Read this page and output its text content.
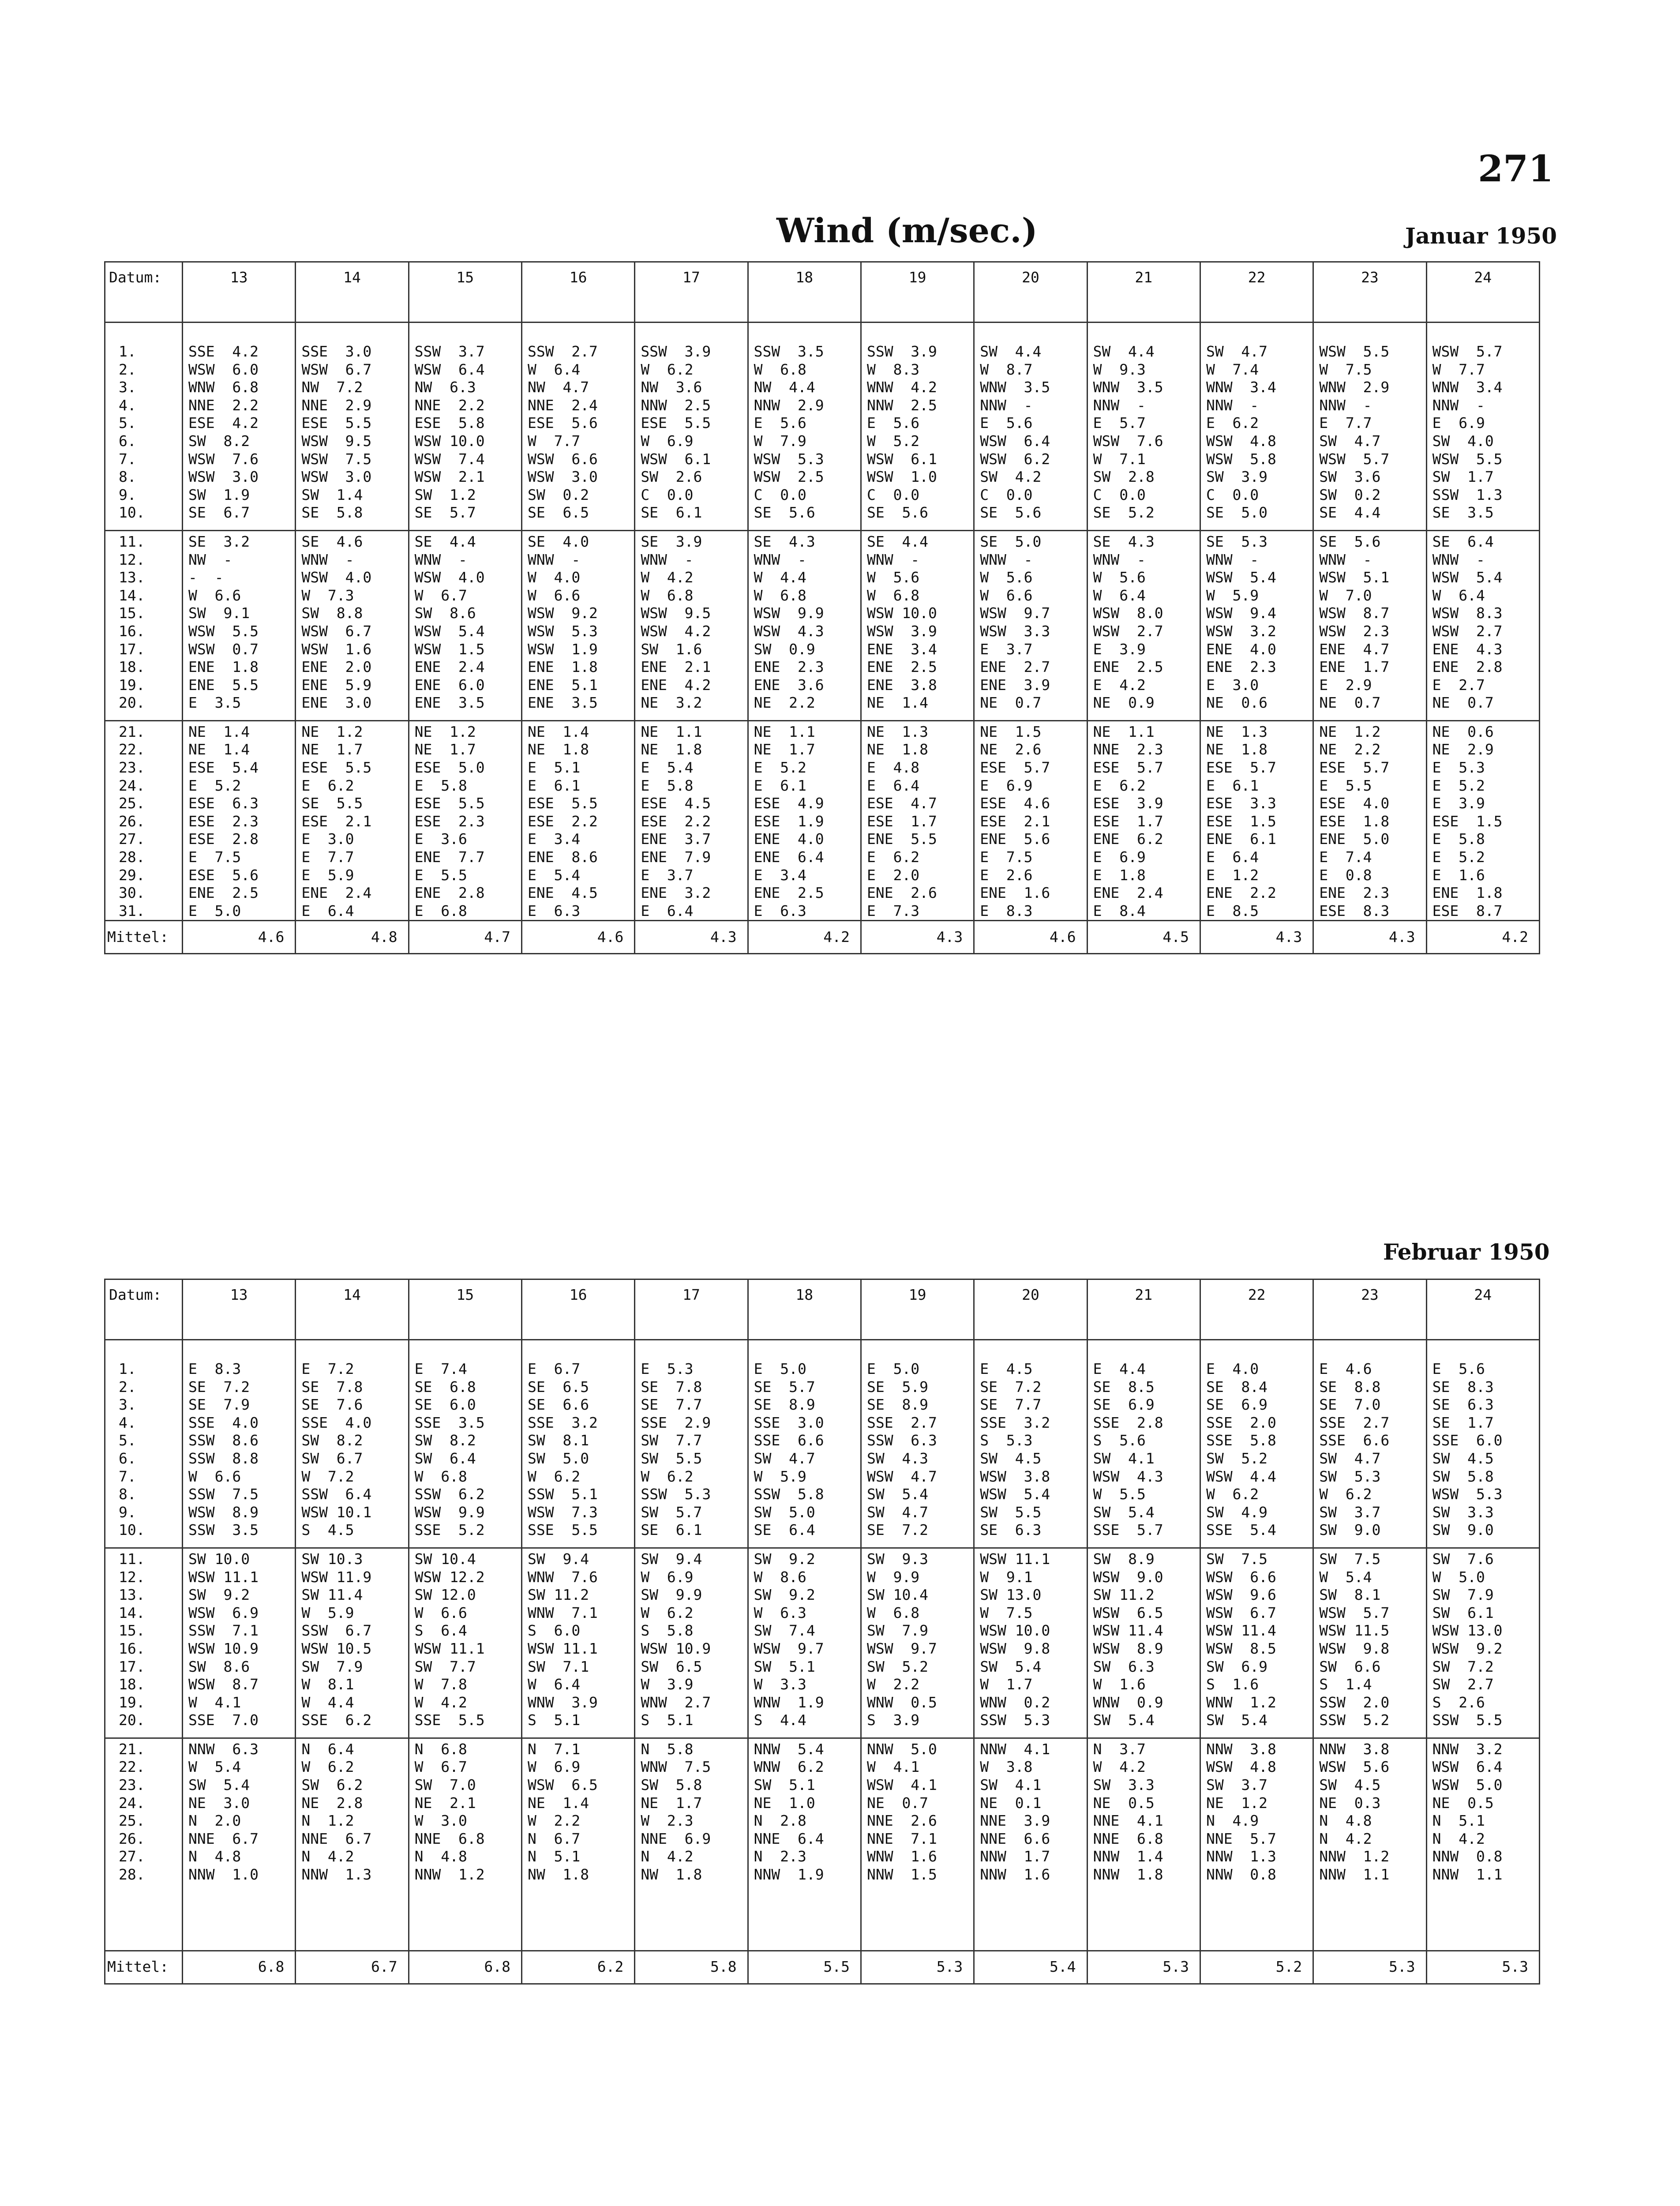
271
Wind (m/sec.)	Januar 1950
Februar 1950
Datum:	13	14	15	16	17	18	19	20	21	22	23	24

1.	SSE  4.2	SSE  3.0	SSW  3.7	SSW  2.7	SSW  3.9	SSW  3.5	SSW  3.9	SW  4.4	SW  4.4	SW  4.7	WSW  5.5	WSW  5.7
2.	WSW  6.0	WSW  6.7	WSW  6.4	W  6.4	W  6.2	W  6.8	W  8.3	W  8.7	W  9.3	W  7.4	W  7.5	W  7.7
3.	WNW  6.8	NW  7.2	NW  6.3	NW  4.7	NW  3.6	NW  4.4	WNW  4.2	WNW  3.5	WNW  3.5	WNW  3.4	WNW  2.9	WNW  3.4
4.	NNE  2.2	NNE  2.9	NNE  2.2	NNE  2.4	NNW  2.5	NNW  2.9	NNW  2.5	NNW  -	NNW  -	NNW  -	NNW  -	NNW  -
5.	ESE  4.2	ESE  5.5	ESE  5.8	ESE  5.6	ESE  5.5	E  5.6	E  5.6	E  5.6	E  5.7	E  6.2	E  7.7	E  6.9
6.	SW  8.2	WSW  9.5	WSW 10.0	W  7.7	W  6.9	W  7.9	W  5.2	WSW  6.4	WSW  7.6	WSW  4.8	SW  4.7	SW  4.0
7.	WSW  7.6	WSW  7.5	WSW  7.4	WSW  6.6	WSW  6.1	WSW  5.3	WSW  6.1	WSW  6.2	W  7.1	WSW  5.8	WSW  5.7	WSW  5.5
8.	WSW  3.0	WSW  3.0	WSW  2.1	WSW  3.0	SW  2.6	WSW  2.5	WSW  1.0	SW  4.2	SW  2.8	SW  3.9	SW  3.6	SW  1.7
9.	SW  1.9	SW  1.4	SW  1.2	SW  0.2	C  0.0	C  0.0	C  0.0	C  0.0	C  0.0	C  0.0	SW  0.2	SSW  1.3
10.	SE  6.7	SE  5.8	SE  5.7	SE  6.5	SE  6.1	SE  5.6	SE  5.6	SE  5.6	SE  5.2	SE  5.0	SE  4.4	SE  3.5

11.	SE  3.2	SE  4.6	SE  4.4	SE  4.0	SE  3.9	SE  4.3	SE  4.4	SE  5.0	SE  4.3	SE  5.3	SE  5.6	SE  6.4
12.	NW  -	WNW  -	WNW  -	WNW  -	WNW  -	WNW  -	WNW  -	WNW  -	WNW  -	WNW  -	WNW  -	WNW  -
13.	-  -	WSW  4.0	WSW  4.0	W  4.0	W  4.2	W  4.4	W  5.6	W  5.6	W  5.6	WSW  5.4	WSW  5.1	WSW  5.4
14.	W  6.6	W  7.3	W  6.7	W  6.6	W  6.8	W  6.8	W  6.8	W  6.6	W  6.4	W  5.9	W  7.0	W  6.4
15.	SW  9.1	SW  8.8	SW  8.6	WSW  9.2	WSW  9.5	WSW  9.9	WSW 10.0	WSW  9.7	WSW  8.0	WSW  9.4	WSW  8.7	WSW  8.3
16.	WSW  5.5	WSW  6.7	WSW  5.4	WSW  5.3	WSW  4.2	WSW  4.3	WSW  3.9	WSW  3.3	WSW  2.7	WSW  3.2	WSW  2.3	WSW  2.7
17.	WSW  0.7	WSW  1.6	WSW  1.5	WSW  1.9	SW  1.6	SW  0.9	ENE  3.4	E  3.7	E  3.9	ENE  4.0	ENE  4.7	ENE  4.3
18.	ENE  1.8	ENE  2.0	ENE  2.4	ENE  1.8	ENE  2.1	ENE  2.3	ENE  2.5	ENE  2.7	ENE  2.5	ENE  2.3	ENE  1.7	ENE  2.8
19.	ENE  5.5	ENE  5.9	ENE  6.0	ENE  5.1	ENE  4.2	ENE  3.6	ENE  3.8	ENE  3.9	E  4.2	E  3.0	E  2.9	E  2.7
20.	E  3.5	ENE  3.0	ENE  3.5	ENE  3.5	NE  3.2	NE  2.2	NE  1.4	NE  0.7	NE  0.9	NE  0.6	NE  0.7	NE  0.7

21.	NE  1.4	NE  1.2	NE  1.2	NE  1.4	NE  1.1	NE  1.1	NE  1.3	NE  1.5	NE  1.1	NE  1.3	NE  1.2	NE  0.6
22.	NE  1.4	NE  1.7	NE  1.7	NE  1.8	NE  1.8	NE  1.7	NE  1.8	NE  2.6	NNE  2.3	NE  1.8	NE  2.2	NE  2.9
23.	ESE  5.4	ESE  5.5	ESE  5.0	E  5.1	E  5.4	E  5.2	E  4.8	ESE  5.7	ESE  5.7	ESE  5.7	ESE  5.7	E  5.3
24.	E  5.2	E  6.2	E  5.8	E  6.1	E  5.8	E  6.1	E  6.4	E  6.9	E  6.2	E  6.1	E  5.5	E  5.2
25.	ESE  6.3	SE  5.5	ESE  5.5	ESE  5.5	ESE  4.5	ESE  4.9	ESE  4.7	ESE  4.6	ESE  3.9	ESE  3.3	ESE  4.0	E  3.9
26.	ESE  2.3	ESE  2.1	ESE  2.3	ESE  2.2	ESE  2.2	ESE  1.9	ESE  1.7	ESE  2.1	ESE  1.7	ESE  1.5	ESE  1.8	ESE  1.5
27.	ESE  2.8	E  3.0	E  3.6	E  3.4	ENE  3.7	ENE  4.0	ENE  5.5	ENE  5.6	ENE  6.2	ENE  6.1	ENE  5.0	E  5.8
28.	E  7.5	E  7.7	ENE  7.7	ENE  8.6	ENE  7.9	ENE  6.4	E  6.2	E  7.5	E  6.9	E  6.4	E  7.4	E  5.2
29.	ESE  5.6	E  5.9	E  5.5	E  5.4	E  3.7	E  3.4	E  2.0	E  2.6	E  1.8	E  1.2	E  0.8	E  1.6
30.	ENE  2.5	ENE  2.4	ENE  2.8	ENE  4.5	ENE  3.2	ENE  2.5	ENE  2.6	ENE  1.6	ENE  2.4	ENE  2.2	ENE  2.3	ENE  1.8
31.	E  5.0	E  6.4	E  6.8	E  6.3	E  6.4	E  6.3	E  7.3	E  8.3	E  8.4	E  8.5	ESE  8.3	ESE  8.7
Mittel:	4.6	4.8	4.7	4.6	4.3	4.2	4.3	4.6	4.5	4.3	4.3	4.2
Datum:	13	14	15	16	17	18	19	20	21	22	23	24

1.	E  8.3	E  7.2	E  7.4	E  6.7	E  5.3	E  5.0	E  5.0	E  4.5	E  4.4	E  4.0	E  4.6	E  5.6
2.	SE  7.2	SE  7.8	SE  6.8	SE  6.5	SE  7.8	SE  5.7	SE  5.9	SE  7.2	SE  8.5	SE  8.4	SE  8.8	SE  8.3
3.	SE  7.9	SE  7.6	SE  6.0	SE  6.6	SE  7.7	SE  8.9	SE  8.9	SE  7.7	SE  6.9	SE  6.9	SE  7.0	SE  6.3
4.	SSE  4.0	SSE  4.0	SSE  3.5	SSE  3.2	SSE  2.9	SSE  3.0	SSE  2.7	SSE  3.2	SSE  2.8	SSE  2.0	SSE  2.7	SE  1.7
5.	SSW  8.6	SW  8.2	SW  8.2	SW  8.1	SW  7.7	SSE  6.6	SSW  6.3	S  5.3	S  5.6	SSE  5.8	SSE  6.6	SSE  6.0
6.	SSW  8.8	SW  6.7	SW  6.4	SW  5.0	SW  5.5	SW  4.7	SW  4.3	SW  4.5	SW  4.1	SW  5.2	SW  4.7	SW  4.5
7.	W  6.6	W  7.2	W  6.8	W  6.2	W  6.2	W  5.9	WSW  4.7	WSW  3.8	WSW  4.3	WSW  4.4	SW  5.3	SW  5.8
8.	SSW  7.5	SSW  6.4	SSW  6.2	SSW  5.1	SSW  5.3	SSW  5.8	SW  5.4	WSW  5.4	W  5.5	W  6.2	W  6.2	WSW  5.3
9.	WSW  8.9	WSW 10.1	WSW  9.9	WSW  7.3	SW  5.7	SW  5.0	SW  4.7	SW  5.5	SW  5.4	SW  4.9	SW  3.7	SW  3.3
10.	SSW  3.5	S  4.5	SSE  5.2	SSE  5.5	SE  6.1	SE  6.4	SE  7.2	SE  6.3	SSE  5.7	SSE  5.4	SW  9.0	SW  9.0

11.	SW 10.0	SW 10.3	SW 10.4	SW  9.4	SW  9.4	SW  9.2	SW  9.3	WSW 11.1	SW  8.9	SW  7.5	SW  7.5	SW  7.6
12.	WSW 11.1	WSW 11.9	WSW 12.2	WNW  7.6	W  6.9	W  8.6	W  9.9	W  9.1	WSW  9.0	WSW  6.6	W  5.4	W  5.0
13.	SW  9.2	SW 11.4	SW 12.0	SW 11.2	SW  9.9	SW  9.2	SW 10.4	SW 13.0	SW 11.2	WSW  9.6	SW  8.1	SW  7.9
14.	WSW  6.9	W  5.9	W  6.6	WNW  7.1	W  6.2	W  6.3	W  6.8	W  7.5	WSW  6.5	WSW  6.7	WSW  5.7	SW  6.1
15.	SSW  7.1	SSW  6.7	S  6.4	S  6.0	S  5.8	SW  7.4	SW  7.9	WSW 10.0	WSW 11.4	WSW 11.4	WSW 11.5	WSW 13.0
16.	WSW 10.9	WSW 10.5	WSW 11.1	WSW 11.1	WSW 10.9	WSW  9.7	WSW  9.7	WSW  9.8	WSW  8.9	WSW  8.5	WSW  9.8	WSW  9.2
17.	SW  8.6	SW  7.9	SW  7.7	SW  7.1	SW  6.5	SW  5.1	SW  5.2	SW  5.4	SW  6.3	SW  6.9	SW  6.6	SW  7.2
18.	WSW  8.7	W  8.1	W  7.8	W  6.4	W  3.9	W  3.3	W  2.2	W  1.7	W  1.6	S  1.6	S  1.4	SW  2.7
19.	W  4.1	W  4.4	W  4.2	WNW  3.9	WNW  2.7	WNW  1.9	WNW  0.5	WNW  0.2	WNW  0.9	WNW  1.2	SSW  2.0	S  2.6
20.	SSE  7.0	SSE  6.2	SSE  5.5	S  5.1	S  5.1	S  4.4	S  3.9	SSW  5.3	SW  5.4	SW  5.4	SSW  5.2	SSW  5.5

21.	NNW  6.3	N  6.4	N  6.8	N  7.1	N  5.8	NNW  5.4	NNW  5.0	NNW  4.1	N  3.7	NNW  3.8	NNW  3.8	NNW  3.2
22.	W  5.4	W  6.2	W  6.7	W  6.9	WNW  7.5	WNW  6.2	W  4.1	W  3.8	W  4.2	WSW  4.8	WSW  5.6	WSW  6.4
23.	SW  5.4	SW  6.2	SW  7.0	WSW  6.5	SW  5.8	SW  5.1	WSW  4.1	SW  4.1	SW  3.3	SW  3.7	SW  4.5	WSW  5.0
24.	NE  3.0	NE  2.8	NE  2.1	NE  1.4	NE  1.7	NE  1.0	NE  0.7	NE  0.1	NE  0.5	NE  1.2	NE  0.3	NE  0.5
25.	N  2.0	N  1.2	W  3.0	W  2.2	W  2.3	N  2.8	NNE  2.6	NNE  3.9	NNE  4.1	N  4.9	N  4.8	N  5.1
26.	NNE  6.7	NNE  6.7	NNE  6.8	N  6.7	NNE  6.9	NNE  6.4	NNE  7.1	NNE  6.6	NNE  6.8	NNE  5.7	N  4.2	N  4.2
27.	N  4.8	N  4.2	N  4.8	N  5.1	N  4.2	N  2.3	WNW  1.6	NNW  1.7	NNW  1.4	NNW  1.3	NNW  1.2	NNW  0.8
28.	NNW  1.0	NNW  1.3	NNW  1.2	NW  1.8	NW  1.8	NNW  1.9	NNW  1.5	NNW  1.6	NNW  1.8	NNW  0.8	NNW  1.1	NNW  1.1

Mittel:	6.8	6.7	6.8	6.2	5.8	5.5	5.3	5.4	5.3	5.2	5.3	5.3
